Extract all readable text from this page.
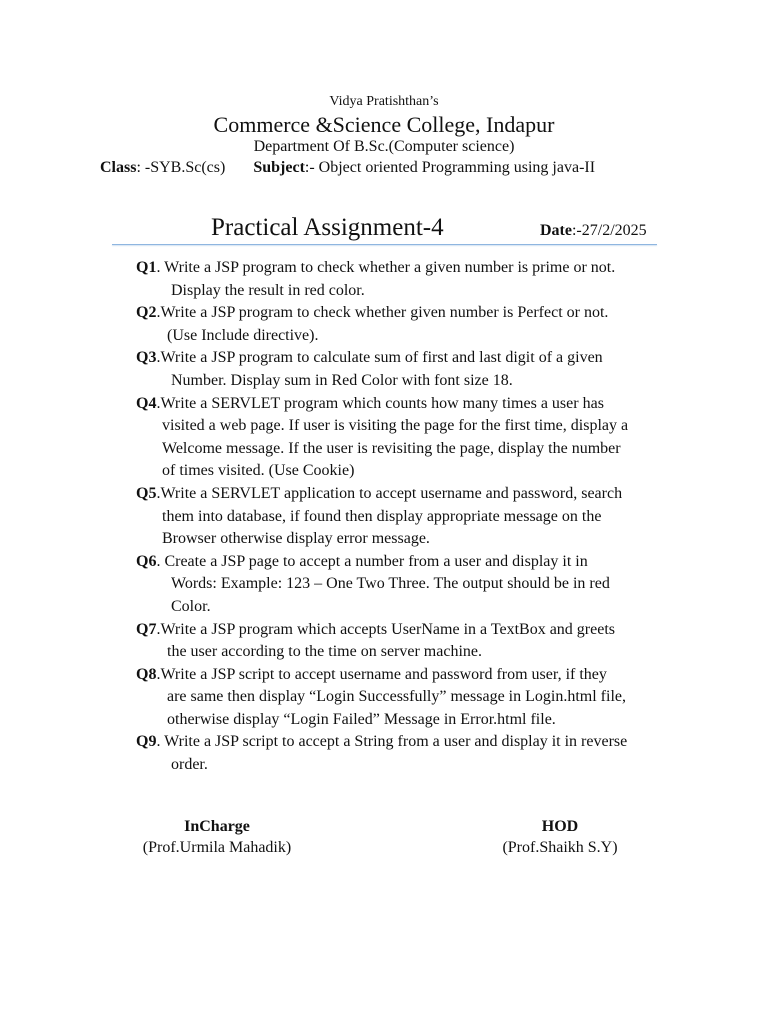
Vidya Pratishthan’s
Commerce &Science College, Indapur
Department Of B.Sc.(Computer science)
Class: -SYB.Sc(cs) Subject:- Object oriented Programming using java-II
Practical Assignment-4	Date:-27/2/2025
Q1. Write a JSP program to check whether a given number is prime or not.
Display the result in red color.
Q2.Write a JSP program to check whether given number is Perfect or not.
(Use Include directive).
Q3.Write a JSP program to calculate sum of first and last digit of a given
Number. Display sum in Red Color with font size 18.
Q4.Write a SERVLET program which counts how many times a user has
visited a web page. If user is visiting the page for the first time, display a
Welcome message. If the user is revisiting the page, display the number
of times visited. (Use Cookie)
Q5.Write a SERVLET application to accept username and password, search
them into database, if found then display appropriate message on the
Browser otherwise display error message.
Q6. Create a JSP page to accept a number from a user and display it in
Words: Example: 123 – One Two Three. The output should be in red
Color.
Q7.Write a JSP program which accepts UserName in a TextBox and greets
the user according to the time on server machine.
Q8.Write a JSP script to accept username and password from user, if they
are same then display “Login Successfully” message in Login.html file,
otherwise display “Login Failed” Message in Error.html file.
Q9. Write a JSP script to accept a String from a user and display it in reverse
order.
InCharge
(Prof.Urmila Mahadik)
HOD
(Prof.Shaikh S.Y)
